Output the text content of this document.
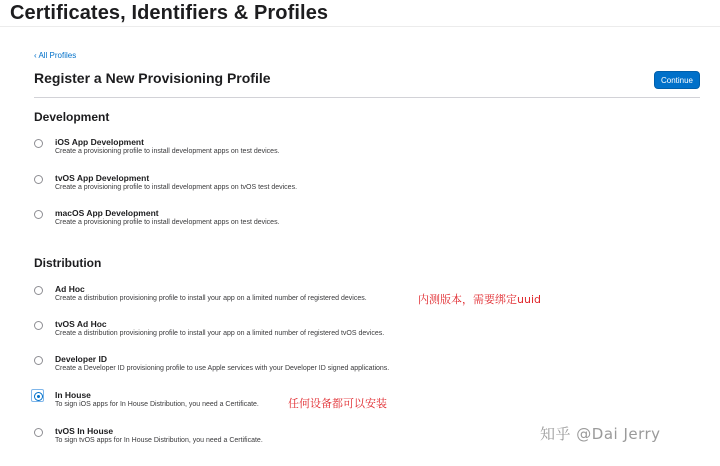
Certificates, Identifiers & Profiles
‹ All Profiles
Register a New Provisioning Profile	Continue
Development
iOS App Development
Create a provisioning profile to install development apps on test devices.
tvOS App Development
Create a provisioning profile to install development apps on tvOS test devices.
macOS App Development
Create a provisioning profile to install development apps on test devices.
Distribution
Ad Hoc
Create a distribution provisioning profile to install your app on a limited number of registered devices.
tvOS Ad Hoc
Create a distribution provisioning profile to install your app on a limited number of registered tvOS devices.
Developer ID
Create a Developer ID provisioning profile to use Apple services with your Developer ID signed applications.
In House
To sign iOS apps for In House Distribution, you need a Certificate.
tvOS In House
To sign tvOS apps for In House Distribution, you need a Certificate.
内测版本，需要绑定uuid
任何设备都可以安装
知乎 @Dai Jerry
